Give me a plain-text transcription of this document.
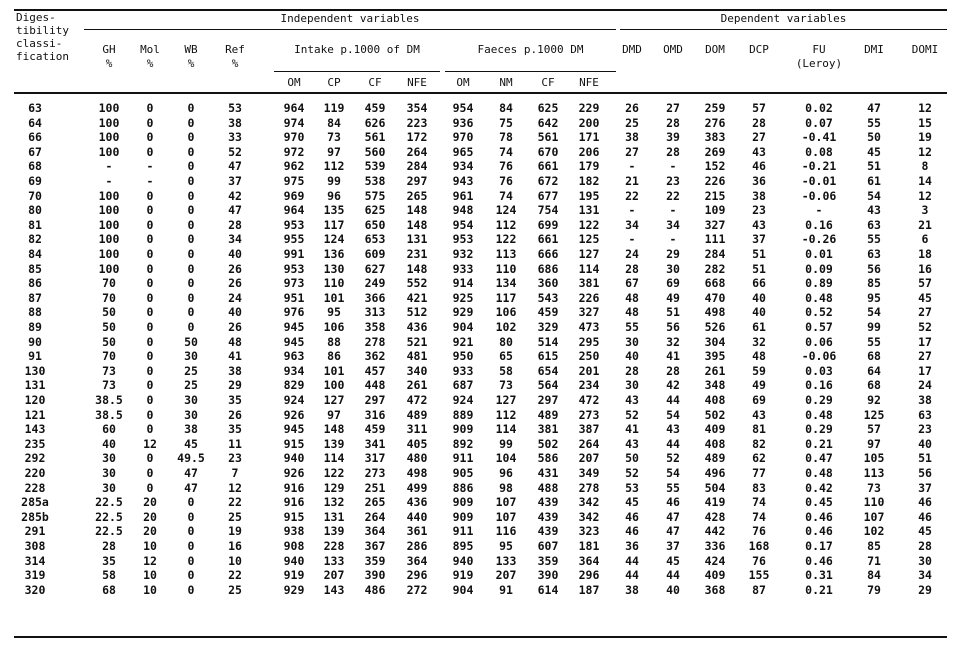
Diges-
tibility
classi-
fication
Independent variables	Dependent variables
Intake p.1000 of DM	Faeces p.1000 DM
GH
%
Mol
%
WB
%
Ref
%
OM	CP	CF	NFE	OM	NM	CF	NFE
DMD	OMD	DOM	DCP	FU
(Leroy)
DMI	DOMI
63	100	0	0	53	964	119	459	354	954	84	625	229	26	27	259	57	0.02	47	12
64	100	0	0	38	974	84	626	223	936	75	642	200	25	28	276	28	0.07	55	15
66	100	0	0	33	970	73	561	172	970	78	561	171	38	39	383	27	-0.41	50	19
67	100	0	0	52	972	97	560	264	965	74	670	206	27	28	269	43	0.08	45	12
68	-	-	0	47	962	112	539	284	934	76	661	179	-	-	152	46	-0.21	51	8
69	-	-	0	37	975	99	538	297	943	76	672	182	21	23	226	36	-0.01	61	14
70	100	0	0	42	969	96	575	265	961	74	677	195	22	22	215	38	-0.06	54	12
80	100	0	0	47	964	135	625	148	948	124	754	131	-	-	109	23	-	43	3
81	100	0	0	28	953	117	650	148	954	112	699	122	34	34	327	43	0.16	63	21
82	100	0	0	34	955	124	653	131	953	122	661	125	-	-	111	37	-0.26	55	6
84	100	0	0	40	991	136	609	231	932	113	666	127	24	29	284	51	0.01	63	18
85	100	0	0	26	953	130	627	148	933	110	686	114	28	30	282	51	0.09	56	16
86	70	0	0	26	973	110	249	552	914	134	360	381	67	69	668	66	0.89	85	57
87	70	0	0	24	951	101	366	421	925	117	543	226	48	49	470	40	0.48	95	45
88	50	0	0	40	976	95	313	512	929	106	459	327	48	51	498	40	0.52	54	27
89	50	0	0	26	945	106	358	436	904	102	329	473	55	56	526	61	0.57	99	52
90	50	0	50	48	945	88	278	521	921	80	514	295	30	32	304	32	0.06	55	17
91	70	0	30	41	963	86	362	481	950	65	615	250	40	41	395	48	-0.06	68	27
130	73	0	25	38	934	101	457	340	933	58	654	201	28	28	261	59	0.03	64	17
131	73	0	25	29	829	100	448	261	687	73	564	234	30	42	348	49	0.16	68	24
120	38.5	0	30	35	924	127	297	472	924	127	297	472	43	44	408	69	0.29	92	38
121	38.5	0	30	26	926	97	316	489	889	112	489	273	52	54	502	43	0.48	125	63
143	60	0	38	35	945	148	459	311	909	114	381	387	41	43	409	81	0.29	57	23
235	40	12	45	11	915	139	341	405	892	99	502	264	43	44	408	82	0.21	97	40
292	30	0	49.5	23	940	114	317	480	911	104	586	207	50	52	489	62	0.47	105	51
220	30	0	47	7	926	122	273	498	905	96	431	349	52	54	496	77	0.48	113	56
228	30	0	47	12	916	129	251	499	886	98	488	278	53	55	504	83	0.42	73	37
285a	22.5	20	0	22	916	132	265	436	909	107	439	342	45	46	419	74	0.45	110	46
285b	22.5	20	0	25	915	131	264	440	909	107	439	342	46	47	428	74	0.46	107	46
291	22.5	20	0	19	938	139	364	361	911	116	439	323	46	47	442	76	0.46	102	45
308	28	10	0	16	908	228	367	286	895	95	607	181	36	37	336	168	0.17	85	28
314	35	12	0	10	940	133	359	364	940	133	359	364	44	45	424	76	0.46	71	30
319	58	10	0	22	919	207	390	296	919	207	390	296	44	44	409	155	0.31	84	34
320	68	10	0	25	929	143	486	272	904	91	614	187	38	40	368	87	0.21	79	29
